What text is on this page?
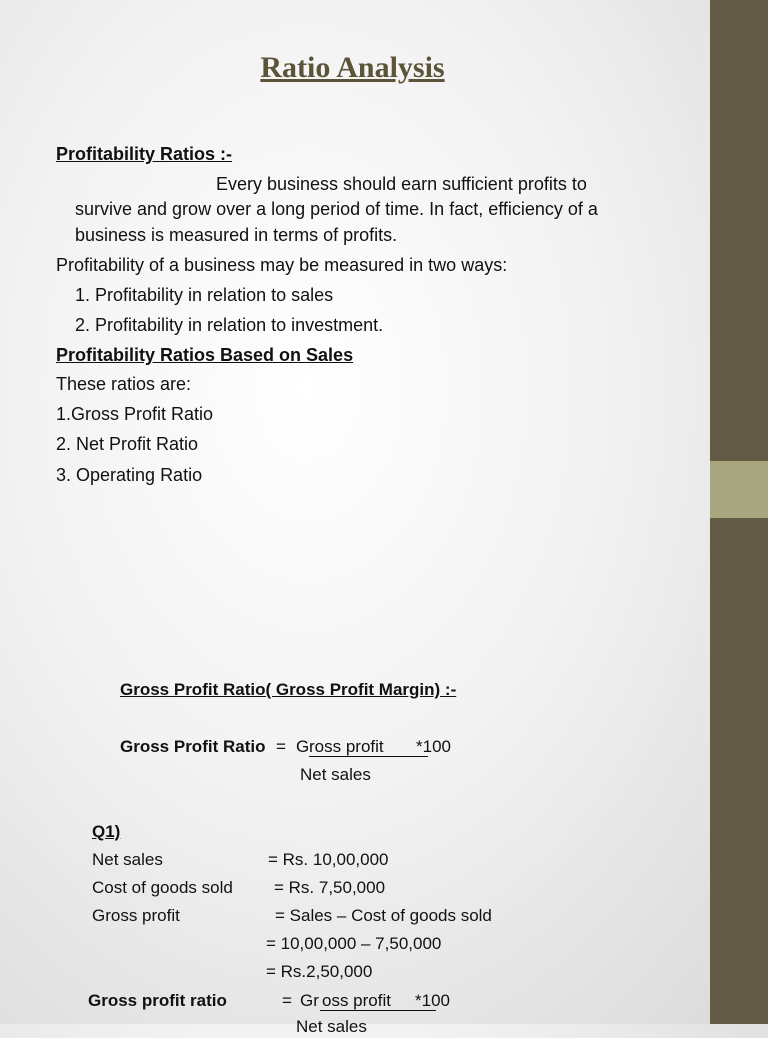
Ratio Analysis
Profitability Ratios :-
Every business should earn sufficient profits to
survive and grow over a long period of time. In fact, efficiency of a
business is measured in terms of profits.
Profitability of a business may be measured in two ways:
1. Profitability in relation to sales
2. Profitability in relation to investment.
Profitability Ratios Based on Sales
These ratios are:
1.Gross Profit Ratio
2. Net Profit Ratio
3. Operating Ratio
Gross Profit Ratio( Gross Profit Margin) :-
Gross Profit Ratio = G ross profit *100
Net sales
Q1)
Net sales	= Rs. 10,00,000
Cost of goods sold = Rs. 7,50,000
Gross profit	= Sales – Cost of goods sold
= 10,00,000 – 7,50,000
= Rs.2,50,000
Gross profit ratio	= Gr oss profit *100
Net sales
